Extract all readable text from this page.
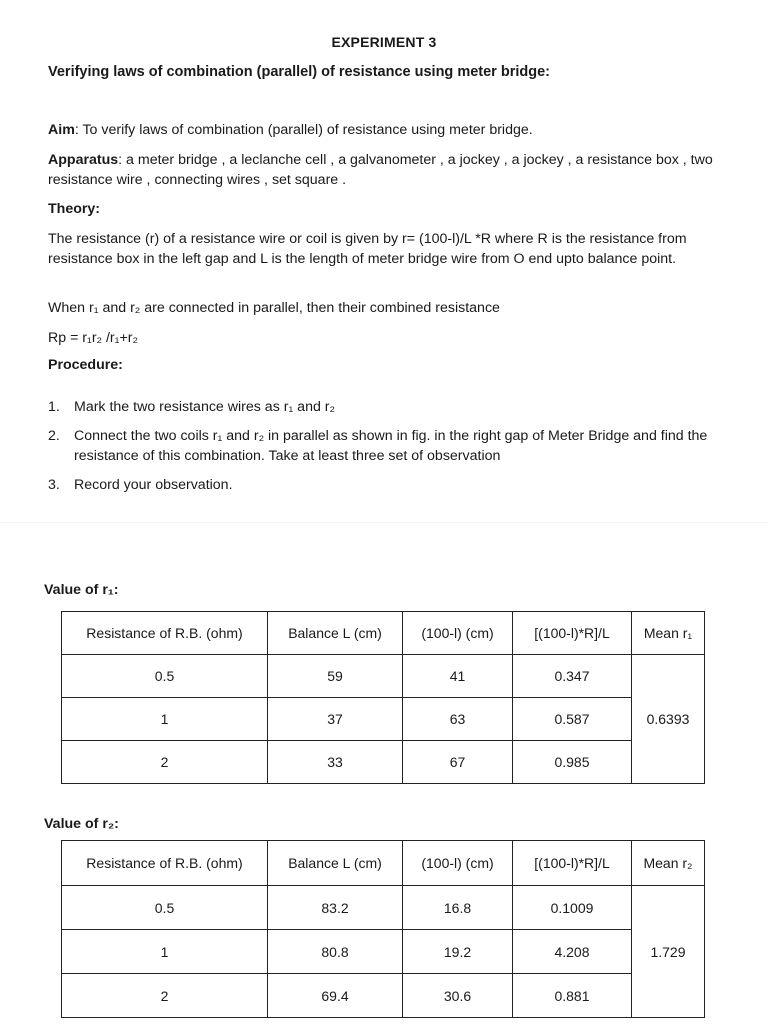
EXPERIMENT 3
Verifying laws of combination (parallel) of resistance using meter bridge:
Aim: To verify laws of combination (parallel) of resistance using meter bridge.
Apparatus: a meter bridge , a leclanche cell , a galvanometer , a jockey , a jockey , a resistance box , two resistance wire , connecting wires , set square .
Theory:
The resistance (r) of a resistance wire or coil is given by r= (100-l)/L *R where R is the resistance from resistance box in the left gap and L is the length of meter bridge wire from O end upto balance point.
When r₁ and r₂ are connected in parallel, then their combined resistance
Rp = r₁r₂ /r₁+r₂
Procedure:
1. Mark the two resistance wires as r₁ and r₂
2. Connect the two coils r₁ and r₂ in parallel as shown in fig. in the right gap of Meter Bridge and find the resistance of this combination. Take at least three set of observation
3. Record your observation.
Value of r₁:
Resistance of R.B. (ohm)	Balance L (cm)	(100-l) (cm)	[(100-l)*R]/L	Mean r₁
0.5	59	41	0.347	0.6393
1	37	63	0.587	
2	33	67	0.985	
Value of r₂:
Resistance of R.B. (ohm)	Balance L (cm)	(100-l) (cm)	[(100-l)*R]/L	Mean r₂
0.5	83.2	16.8	0.1009	1.729
1	80.8	19.2	4.208	
2	69.4	30.6	0.881	
